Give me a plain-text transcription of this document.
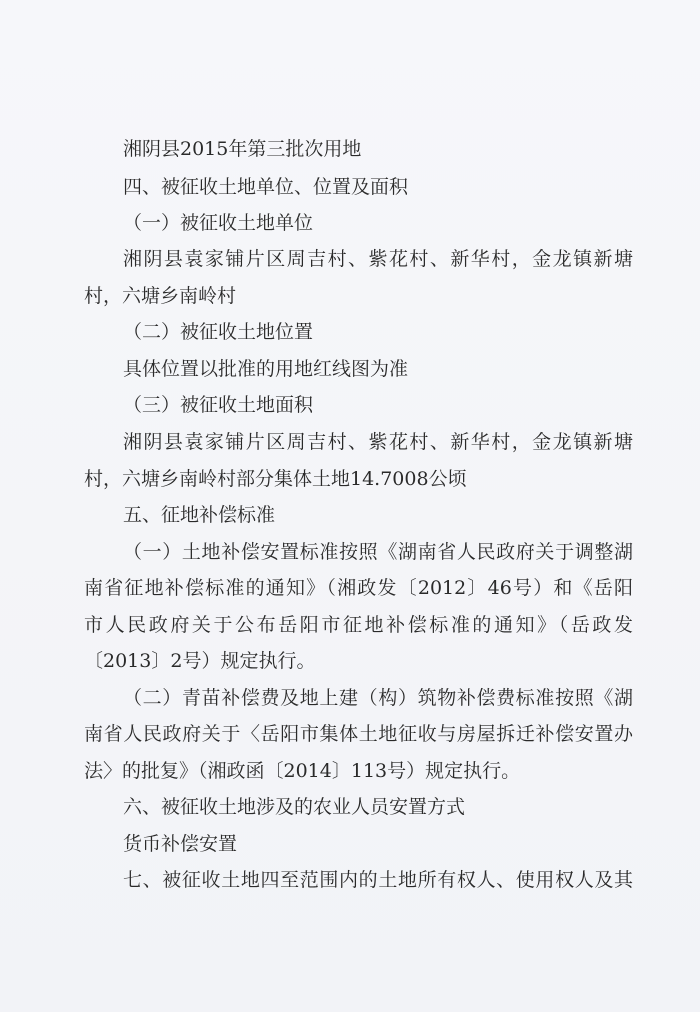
湘阴县2015年第三批次用地

四、被征收土地单位、位置及面积

（一）被征收土地单位

湘阴县袁家铺片区周吉村、紫花村、新华村，金龙镇新塘

村，六塘乡南岭村

（二）被征收土地位置

具体位置以批准的用地红线图为准

（三）被征收土地面积

湘阴县袁家铺片区周吉村、紫花村、新华村，金龙镇新塘

村，六塘乡南岭村部分集体土地14.7008公顷

五、征地补偿标准

（一）土地补偿安置标准按照《湖南省人民政府关于调整湖

南省征地补偿标准的通知》（湘政发〔2012〕46号）和《岳阳

市人民政府关于公布岳阳市征地补偿标准的通知》（岳政发

〔2013〕2号）规定执行。

（二）青苗补偿费及地上建（构）筑物补偿费标准按照《湖

南省人民政府关于〈岳阳市集体土地征收与房屋拆迁补偿安置办

法〉的批复》（湘政函〔2014〕113号）规定执行。

六、被征收土地涉及的农业人员安置方式

货币补偿安置

七、被征收土地四至范围内的土地所有权人、使用权人及其
